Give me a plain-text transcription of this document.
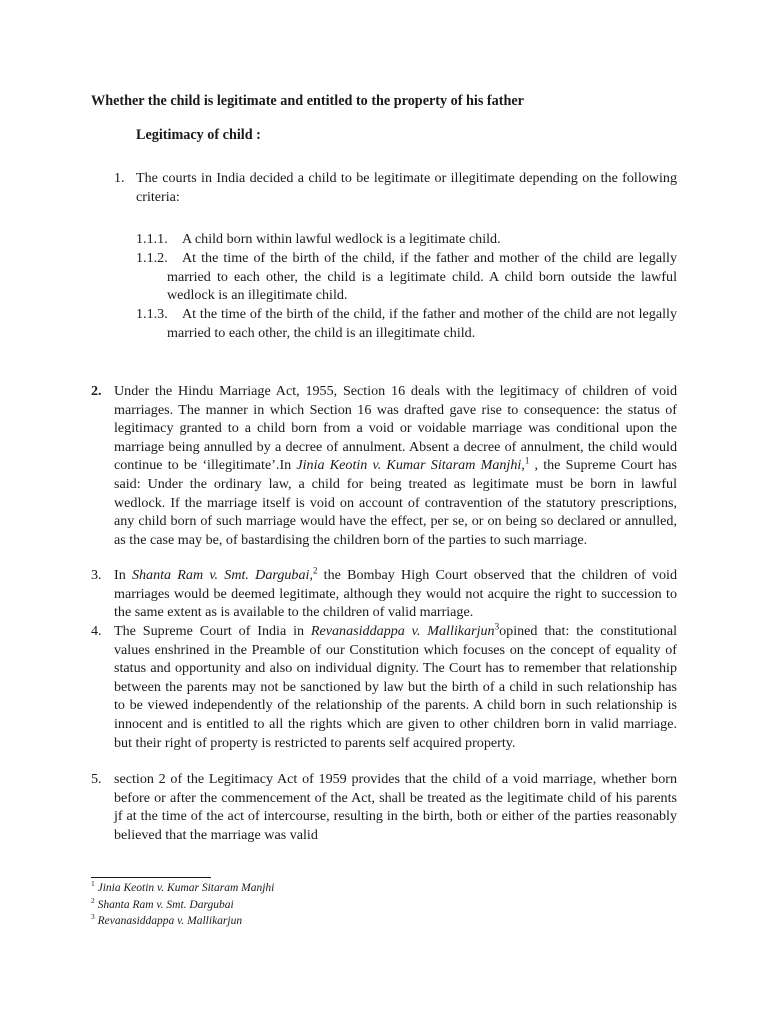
Whether the child is legitimate and entitled to the property of his father
Legitimacy of child :
1. The courts in India decided a child to be legitimate or illegitimate depending on the following criteria:
1.1.1. A child born within lawful wedlock is a legitimate child.
1.1.2.	At the time of the birth of the child, if the father and mother of the child are legally married to each other, the child is a legitimate child. A child born outside the lawful wedlock is an illegitimate child.
1.1.3.	At the time of the birth of the child, if the father and mother of the child are not legally married to each other, the child is an illegitimate child.
2. Under the Hindu Marriage Act, 1955, Section 16 deals with the legitimacy of children of void marriages. The manner in which Section 16 was drafted gave rise to consequence: the status of legitimacy granted to a child born from a void or voidable marriage was conditional upon the marriage being annulled by a decree of annulment. Absent a decree of annulment, the child would continue to be ‘illegitimate’.In Jinia Keotin v. Kumar Sitaram Manjhi,$^1$ , the Supreme Court has said: Under the ordinary law, a child for being treated as legitimate must be born in lawful wedlock. If the marriage itself is void on account of contravention of the statutory prescriptions, any child born of such marriage would have the effect, per se, or on being so declared or annulled, as the case may be, of bastardising the children born of the parties to such marriage.
3. In Shanta Ram v. Smt. Dargubai,$^2$ the Bombay High Court observed that the children of void marriages would be deemed legitimate, although they would not acquire the right to succession to the same extent as is available to the children of valid marriage.
4. The Supreme Court of India in Revanasiddappa v. Mallikarjun$^3$opined that: the constitutional values enshrined in the Preamble of our Constitution which focuses on the concept of equality of status and opportunity and also on individual dignity. The Court has to remember that relationship between the parents may not be sanctioned by law but the birth of a child in such relationship has to be viewed independently of the relationship of the parents. A child born in such relationship is innocent and is entitled to all the rights which are given to other children born in valid marriage. but their right of property is restricted to parents self acquired property.
5. section 2 of the Legitimacy Act of 1959 provides that the child of a void marriage, whether born before or after the commencement of the Act, shall be treated as the legitimate child of his parents jf at the time of the act of intercourse, resulting in the birth, both or either of the parties reasonably believed that the marriage was valid
$^1$ Jinia Keotin v. Kumar Sitaram Manjhi
$^2$ Shanta Ram v. Smt. Dargubai
$^3$ Revanasiddappa v. Mallikarjun
